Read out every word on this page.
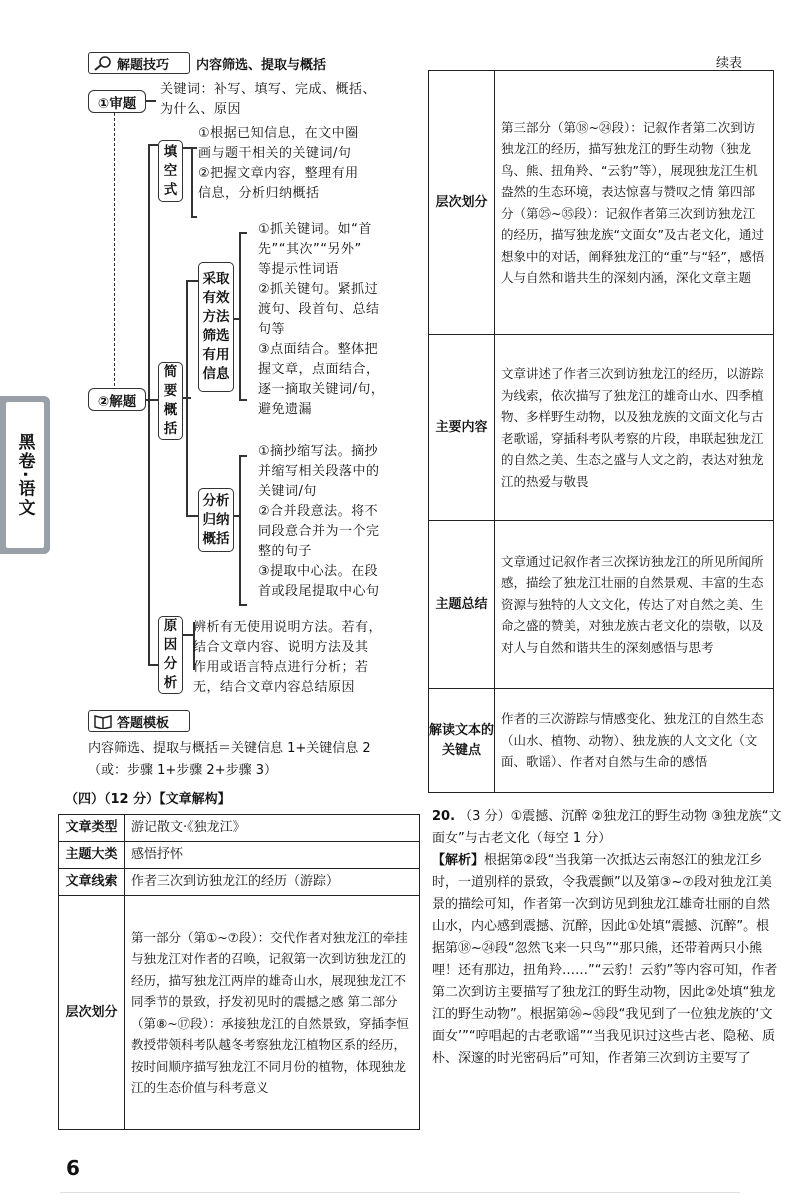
黑卷·语文
解题技巧 内容筛选、提取与概括	续表
①审题
关键词：补写、填写、完成、概括、
为什么、原因
②解题
填
空
式
①根据已知信息，在文中圈
画与题干相关的关键词/句
②把握文章内容，整理有用
信息，分析归纳概括
简
要
概
括
采取
有效
方法
筛选
有用
信息
①抓关键词。如“首
先”“其次”“另外”
等提示性词语
②抓关键句。紧抓过
渡句、段首句、总结
句等
③点面结合。整体把
握文章，点面结合，
逐一摘取关键词/句，
避免遗漏
分析
归纳
概括
①摘抄缩写法。摘抄
并缩写相关段落中的
关键词/句
②合并段意法。将不
同段意合并为一个完
整的句子
③提取中心法。在段
首或段尾提取中心句
原
因
分
析
辨析有无使用说明方法。若有，
结合文章内容、说明方法及其
作用或语言特点进行分析；若
无，结合文章内容总结原因
答题模板
内容筛选、提取与概括＝关键信息 1+关键信息 2
（或：步骤 1+步骤 2+步骤 3）
（四）（12 分）【文章解构】
文章类型	游记散文·《独龙江》
主题大类	感悟抒怀
文章线索	作者三次到访独龙江的经历（游踪）
层次划分	第一部分（第①~⑦段）：交代作者对独龙江的牵挂与独龙江对作者的召唤，记叙第一次到访独龙江的经历，描写独龙江两岸的雄奇山水，展现独龙江不同季节的景致，抒发初见时的震撼之感 第二部分（第⑧~⑰段）：承接独龙江的自然景致，穿插李恒教授带领科考队越冬考察独龙江植物区系的经历，按时间顺序描写独龙江不同月份的植物，体现独龙江的生态价值与科考意义
层次划分	第三部分（第⑱~㉔段）：记叙作者第二次到访独龙江的经历，描写独龙江的野生动物（独龙鸟、熊、扭角羚、“云豹”等），展现独龙江生机盎然的生态环境，表达惊喜与赞叹之情 第四部分（第㉕~㉟段）：记叙作者第三次到访独龙江的经历，描写独龙族“文面女”及古老文化，通过想象中的对话，阐释独龙江的“重”与“轻”，感悟人与自然和谐共生的深刻内涵，深化文章主题
主要内容	文章讲述了作者三次到访独龙江的经历，以游踪为线索，依次描写了独龙江的雄奇山水、四季植物、多样野生动物，以及独龙族的文面文化与古老歌谣，穿插科考队考察的片段，串联起独龙江的自然之美、生态之盛与人文之韵，表达对独龙江的热爱与敬畏
主题总结	文章通过记叙作者三次探访独龙江的所见所闻所感，描绘了独龙江壮丽的自然景观、丰富的生态资源与独特的人文文化，传达了对自然之美、生命之盛的赞美，对独龙族古老文化的崇敬，以及对人与自然和谐共生的深刻感悟与思考
解读文本的关键点	作者的三次游踪与情感变化、独龙江的自然生态（山水、植物、动物）、独龙族的人文文化（文面、歌谣）、作者对自然与生命的感悟
20. （3 分）①震撼、沉醉 ②独龙江的野生动物 ③独龙族“文面女”与古老文化（每空 1 分）
【解析】根据第②段“当我第一次抵达云南怒江的独龙江乡时，一道别样的景致，令我震颤”以及第③~⑦段对独龙江美景的描绘可知，作者第一次到访见到独龙江雄奇壮丽的自然山水，内心感到震撼、沉醉，因此①处填“震撼、沉醉”。根据第⑱~㉔段“忽然飞来一只鸟”“那只熊，还带着两只小熊哩！还有那边，扭角羚……”“云豹！云豹”等内容可知，作者第二次到访主要描写了独龙江的野生动物，因此②处填“独龙江的野生动物”。根据第㉖~㉟段“我见到了一位独龙族的‘文面女’”“哼唱起的古老歌谣”“当我见识过这些古老、隐秘、质朴、深邃的时光密码后”可知，作者第三次到访主要写了
6
